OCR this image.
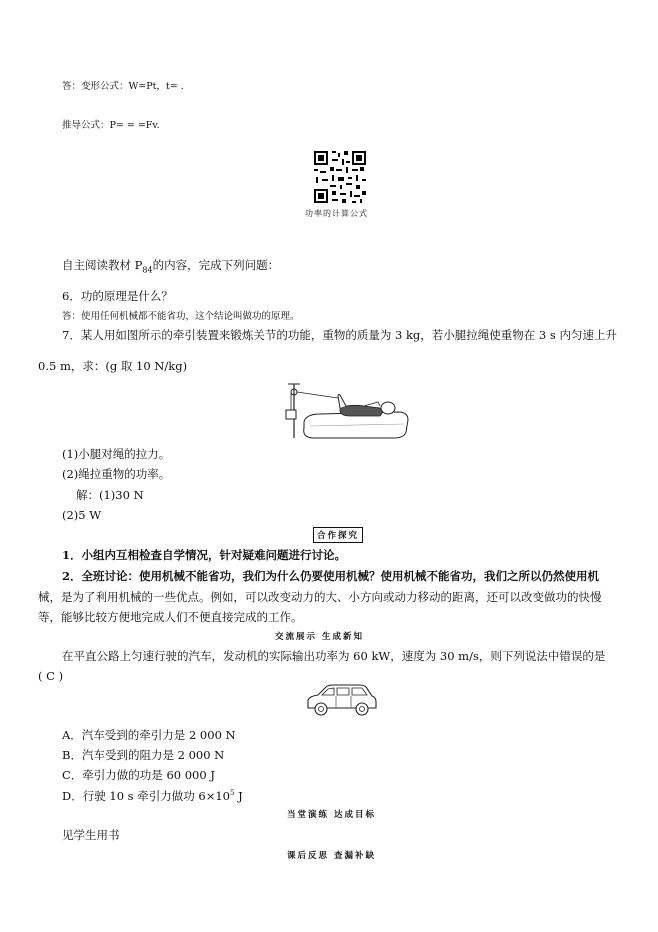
答：变形公式：W=Pt，t= .
推导公式：P= = =Fv.
功率的计算公式
自主阅读教材 $P_{84}$的内容，完成下列问题：
6．功的原理是什么？
答：使用任何机械都不能省功，这个结论叫做功的原理。
7．某人用如图所示的牵引装置来锻炼关节的功能，重物的质量为 3 kg，若小腿拉绳使重物在 3 s 内匀速上升
0.5 m，求：(g 取 10 N/kg)
(1)小腿对绳的拉力。
(2)绳拉重物的功率。
解：(1)30 N
(2)5 W
合作探究
1．小组内互相检查自学情况，针对疑难问题进行讨论。
2．全班讨论：使用机械不能省功，我们为什么仍要使用机械？使用机械不能省功，我们之所以仍然使用机
械，是为了利用机械的一些优点。例如，可以改变动力的大、小方向或动力移动的距离，还可以改变做功的快慢
等，能够比较方便地完成人们不便直接完成的工作。
交流展示 生成新知
在平直公路上匀速行驶的汽车，发动机的实际输出功率为 60 kW，速度为 30 m/s，则下列说法中错误的是
( C )
A．汽车受到的牵引力是 2 000 N
B．汽车受到的阻力是 2 000 N
C．牵引力做的功是 60 000 J
D．行驶 10 s 牵引力做功 $6\times 10^5$ J
当堂演练 达成目标
见学生用书
课后反思 查漏补缺
